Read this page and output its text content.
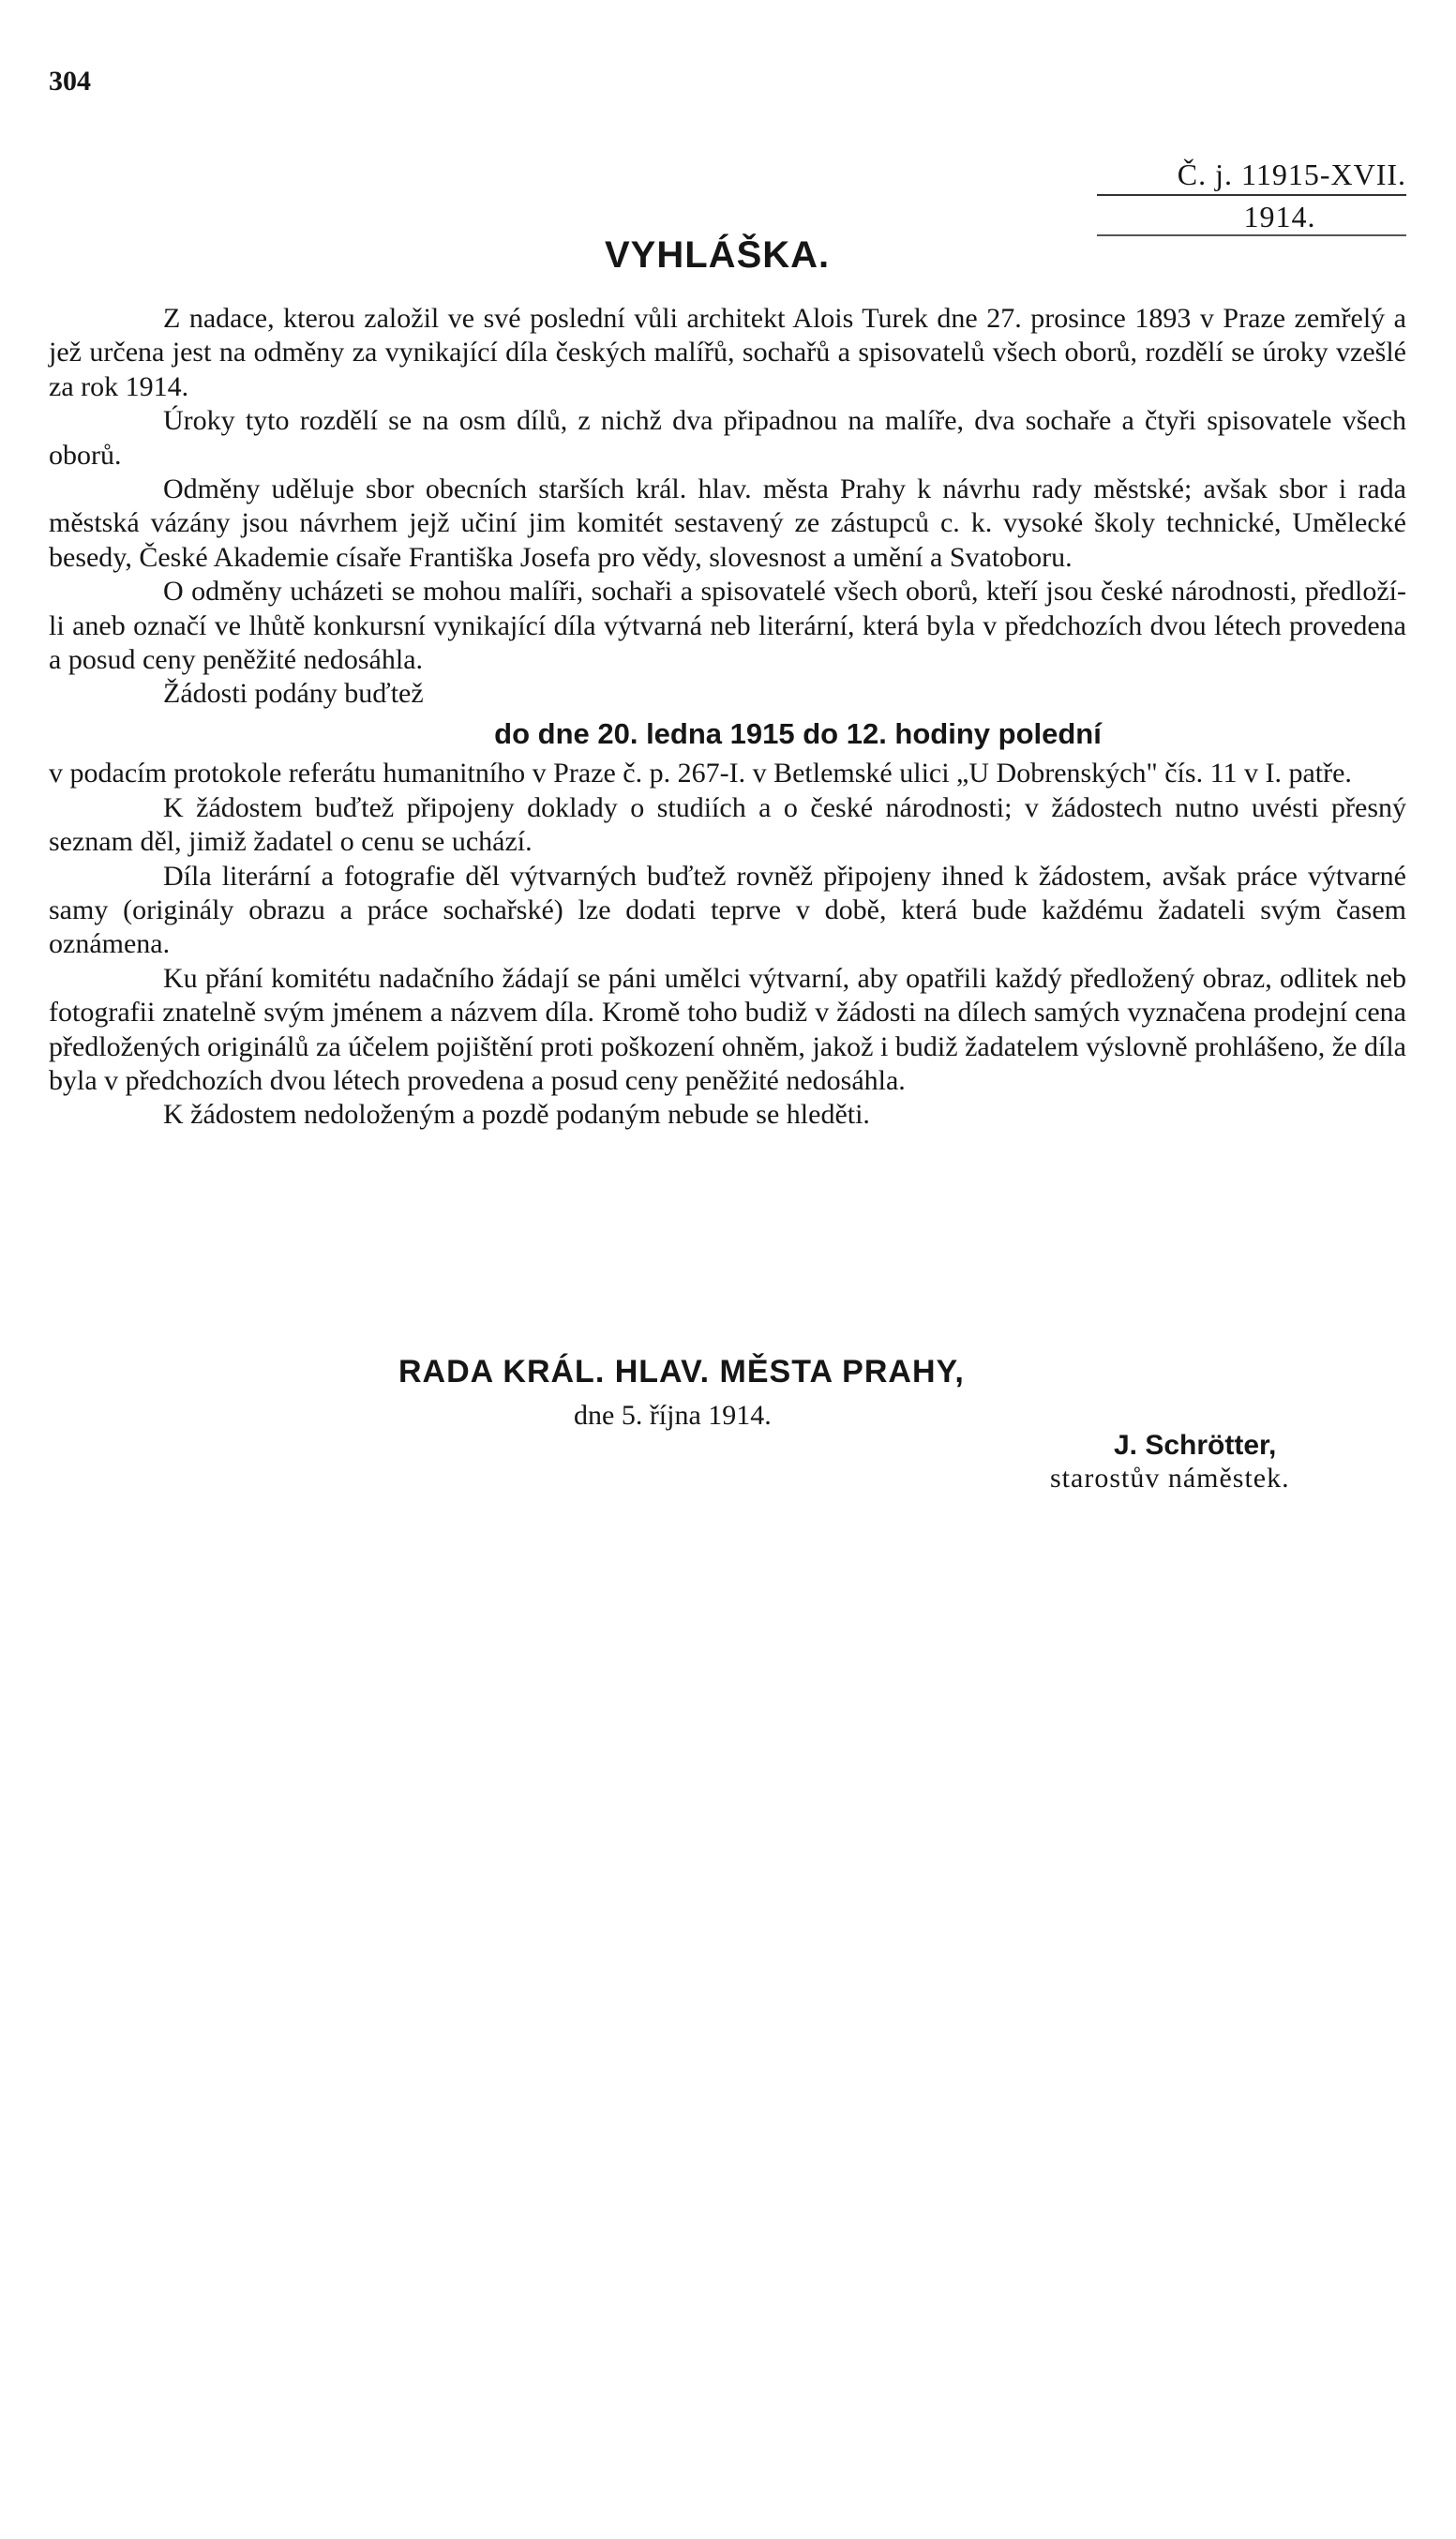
304
Č. j. 11915-XVII.
1914.
VYHLÁŠKA.

Z nadace, kterou založil ve své poslední vůli architekt Alois Turek dne 27. prosince 1893 v Praze zemřelý a jež určena jest na odměny za vynikající díla českých malířů, sochařů a spisovatelů všech oborů, rozdělí se úroky vzešlé za rok 1914.

Úroky tyto rozdělí se na osm dílů, z nichž dva připadnou na malíře, dva sochaře a čtyři spisovatele všech oborů.

Odměny uděluje sbor obecních starších král. hlav. města Prahy k návrhu rady městské; avšak sbor i rada městská vázány jsou návrhem jejž učiní jim komitét sestavený ze zástupců c. k. vysoké školy technické, Umělecké besedy, České Akademie císaře Františka Josefa pro vědy, slovesnost a umění a Svatoboru.

O odměny ucházeti se mohou malíři, sochaři a spisovatelé všech oborů, kteří jsou české národnosti, předloží-li aneb označí ve lhůtě konkursní vynikající díla výtvarná neb literární, která byla v předchozích dvou létech provedena a posud ceny peněžité nedosáhla.

Žádosti podány buďtež

do dne 20. ledna 1915 do 12. hodiny polední

v podacím protokole referátu humanitního v Praze č. p. 267-I. v Betlemské ulici „U Dobrenských" čís. 11 v I. patře.

K žádostem buďtež připojeny doklady o studiích a o české národnosti; v žádostech nutno uvésti přesný seznam děl, jimiž žadatel o cenu se uchází.

Díla literární a fotografie děl výtvarných buďtež rovněž připojeny ihned k žádostem, avšak práce výtvarné samy (originály obrazu a práce sochařské) lze dodati teprve v době, která bude každému žadateli svým časem oznámena.

Ku přání komitétu nadačního žádají se páni umělci výtvarní, aby opatřili každý předložený obraz, odlitek neb fotografii znatelně svým jménem a názvem díla. Kromě toho budiž v žádosti na dílech samých vyznačena prodejní cena předložených originálů za účelem pojištění proti poškození ohněm, jakož i budiž žadatelem výslovně prohlášeno, že díla byla v předchozích dvou létech provedena a posud ceny peněžité nedosáhla.

K žádostem nedoloženým a pozdě podaným nebude se hleděti.

RADA KRÁL. HLAV. MĚSTA PRAHY,
dne 5. října 1914.
J. Schrötter,
starostův náměstek.
